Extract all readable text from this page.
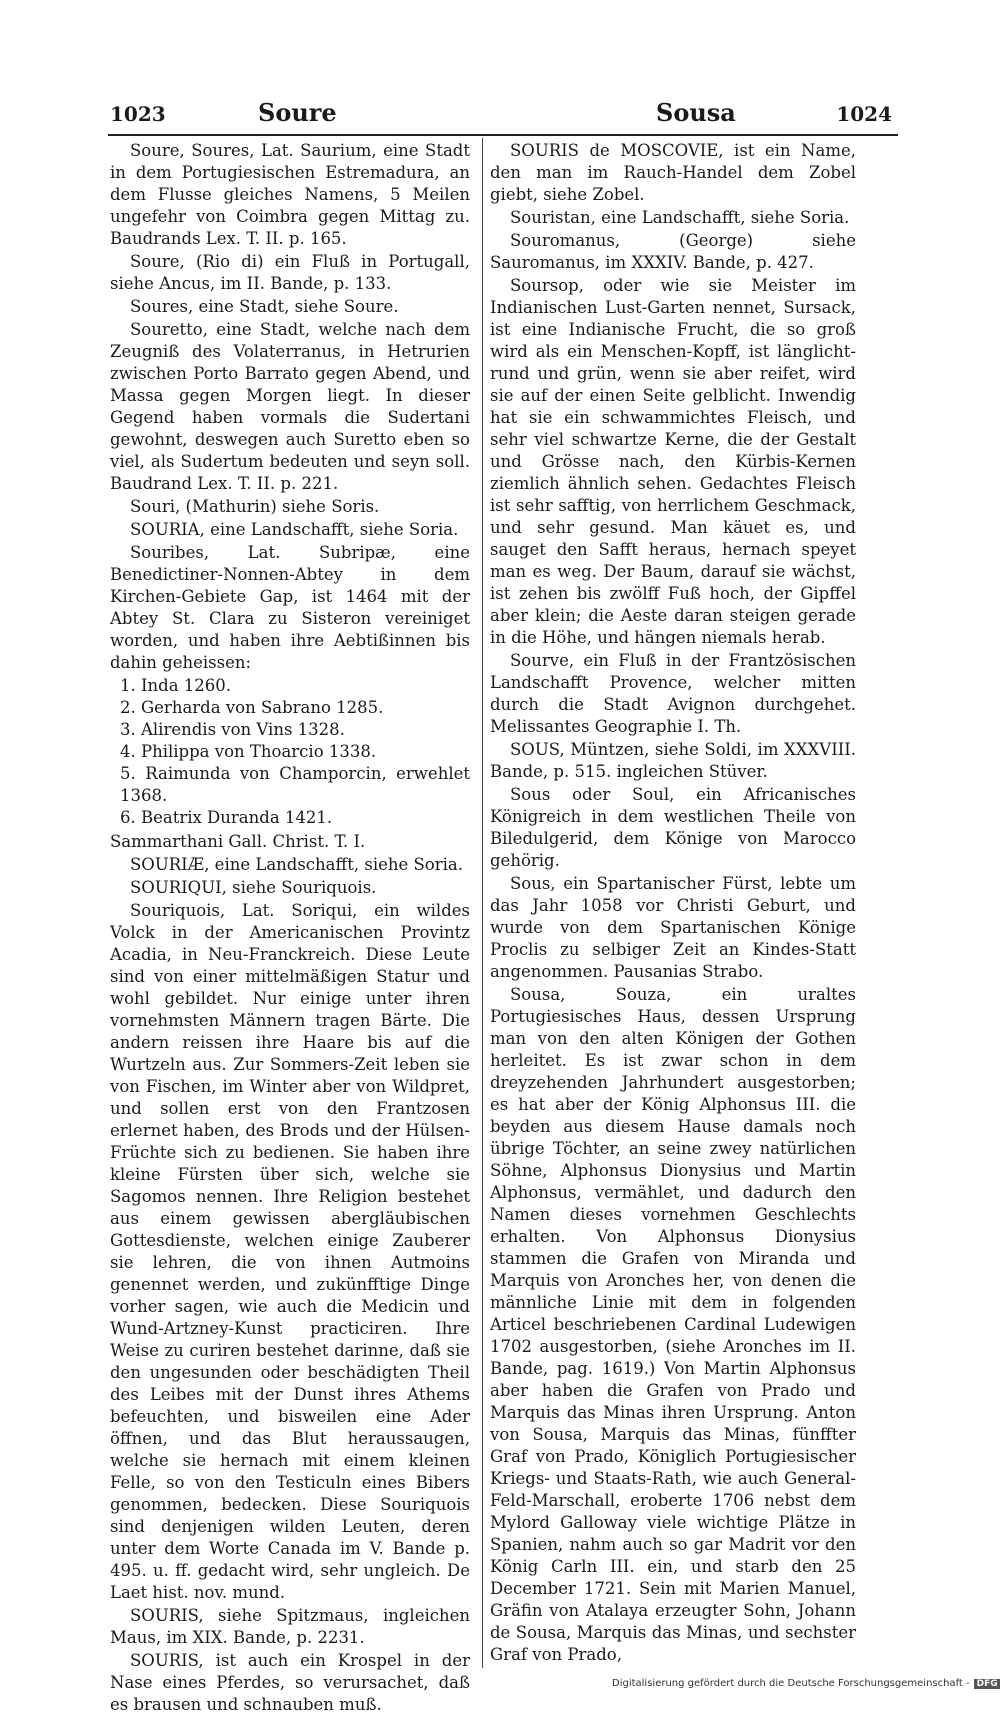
1023	Soure	Sousa	1024

Soure, Soures, Lat. Saurium, eine Stadt in dem Portugiesischen Estremadura, an dem Flusse gleiches Namens, 5 Meilen ungefehr von Coimbra gegen Mittag zu. Baudrands Lex. T. II. p. 165.

Soure, (Rio di) ein Fluß in Portugall, siehe Ancus, im II. Bande, p. 133.

Soures, eine Stadt, siehe Soure.

Souretto, eine Stadt, welche nach dem Zeugniß des Volaterranus, in Hetrurien zwischen Porto Barrato gegen Abend, und Massa gegen Morgen liegt. In dieser Gegend haben vormals die Sudertani gewohnt, deswegen auch Suretto eben so viel, als Sudertum bedeuten und seyn soll. Baudrand Lex. T. II. p. 221.

Souri, (Mathurin) siehe Soris.

SOURIA, eine Landschafft, siehe Soria.

Souribes, Lat. Subripæ, eine Benedictiner-Nonnen-Abtey in dem Kirchen-Gebiete Gap, ist 1464 mit der Abtey St. Clara zu Sisteron vereiniget worden, und haben ihre Aebtißinnen bis dahin geheissen:

1. Inda 1260.
2. Gerharda von Sabrano 1285.
3. Alirendis von Vins 1328.
4. Philippa von Thoarcio 1338.
5. Raimunda von Champorcin, erwehlet 1368.
6. Beatrix Duranda 1421.

Sammarthani Gall. Christ. T. I.

SOURIÆ, eine Landschafft, siehe Soria.

SOURIQUI, siehe Souriquois.

Souriquois, Lat. Soriqui, ein wildes Volck in der Americanischen Provintz Acadia, in Neu-Franckreich. Diese Leute sind von einer mittelmäßigen Statur und wohl gebildet. Nur einige unter ihren vornehmsten Männern tragen Bärte. Die andern reissen ihre Haare bis auf die Wurtzeln aus. Zur Sommers-Zeit leben sie von Fischen, im Winter aber von Wildpret, und sollen erst von den Frantzosen erlernet haben, des Brods und der Hülsen-Früchte sich zu bedienen. Sie haben ihre kleine Fürsten über sich, welche sie Sagomos nennen. Ihre Religion bestehet aus einem gewissen abergläubischen Gottesdienste, welchen einige Zauberer sie lehren, die von ihnen Autmoins genennet werden, und zukünfftige Dinge vorher sagen, wie auch die Medicin und Wund-Artzney-Kunst practiciren. Ihre Weise zu curiren bestehet darinne, daß sie den ungesunden oder beschädigten Theil des Leibes mit der Dunst ihres Athems befeuchten, und bisweilen eine Ader öffnen, und das Blut heraussaugen, welche sie hernach mit einem kleinen Felle, so von den Testiculn eines Bibers genommen, bedecken. Diese Souriquois sind denjenigen wilden Leuten, deren unter dem Worte Canada im V. Bande p. 495. u. ff. gedacht wird, sehr ungleich. De Laet hist. nov. mund.

SOURIS, siehe Spitzmaus, ingleichen Maus, im XIX. Bande, p. 2231.

SOURIS, ist auch ein Krospel in der Nase eines Pferdes, so verursachet, daß es brausen und schnauben muß.

SOURIS de MOSCOVIE, ist ein Name, den man im Rauch-Handel dem Zobel giebt, siehe Zobel.

Souristan, eine Landschafft, siehe Soria.

Souromanus, (George) siehe Sauromanus, im XXXIV. Bande, p. 427.

Soursop, oder wie sie Meister im Indianischen Lust-Garten nennet, Sursack, ist eine Indianische Frucht, die so groß wird als ein Menschen-Kopff, ist länglicht-rund und grün, wenn sie aber reifet, wird sie auf der einen Seite gelblicht. Inwendig hat sie ein schwammichtes Fleisch, und sehr viel schwartze Kerne, die der Gestalt und Grösse nach, den Kürbis-Kernen ziemlich ähnlich sehen. Gedachtes Fleisch ist sehr safftig, von herrlichem Geschmack, und sehr gesund. Man käuet es, und sauget den Safft heraus, hernach speyet man es weg. Der Baum, darauf sie wächst, ist zehen bis zwölff Fuß hoch, der Gipffel aber klein; die Aeste daran steigen gerade in die Höhe, und hängen niemals herab.

Sourve, ein Fluß in der Frantzösischen Landschafft Provence, welcher mitten durch die Stadt Avignon durchgehet. Melissantes Geographie I. Th.

SOUS, Müntzen, siehe Soldi, im XXXVIII. Bande, p. 515. ingleichen Stüver.

Sous oder Soul, ein Africanisches Königreich in dem westlichen Theile von Biledulgerid, dem Könige von Marocco gehörig.

Sous, ein Spartanischer Fürst, lebte um das Jahr 1058 vor Christi Geburt, und wurde von dem Spartanischen Könige Proclis zu selbiger Zeit an Kindes-Statt angenommen. Pausanias Strabo.

Sousa, Souza, ein uraltes Portugiesisches Haus, dessen Ursprung man von den alten Königen der Gothen herleitet. Es ist zwar schon in dem dreyzehenden Jahrhundert ausgestorben; es hat aber der König Alphonsus III. die beyden aus diesem Hause damals noch übrige Töchter, an seine zwey natürlichen Söhne, Alphonsus Dionysius und Martin Alphonsus, vermählet, und dadurch den Namen dieses vornehmen Geschlechts erhalten. Von Alphonsus Dionysius stammen die Grafen von Miranda und Marquis von Aronches her, von denen die männliche Linie mit dem in folgenden Articel beschriebenen Cardinal Ludewigen 1702 ausgestorben, (siehe Aronches im II. Bande, pag. 1619.) Von Martin Alphonsus aber haben die Grafen von Prado und Marquis das Minas ihren Ursprung. Anton von Sousa, Marquis das Minas, fünffter Graf von Prado, Königlich Portugiesischer Kriegs- und Staats-Rath, wie auch General-Feld-Marschall, eroberte 1706 nebst dem Mylord Galloway viele wichtige Plätze in Spanien, nahm auch so gar Madrit vor den König Carln III. ein, und starb den 25 December 1721. Sein mit Marien Manuel, Gräfin von Atalaya erzeugter Sohn, Johann de Sousa, Marquis das Minas, und sechster Graf von Prado,

Digitalisierung gefördert durch die Deutsche Forschungsgemeinschaft - DFG
